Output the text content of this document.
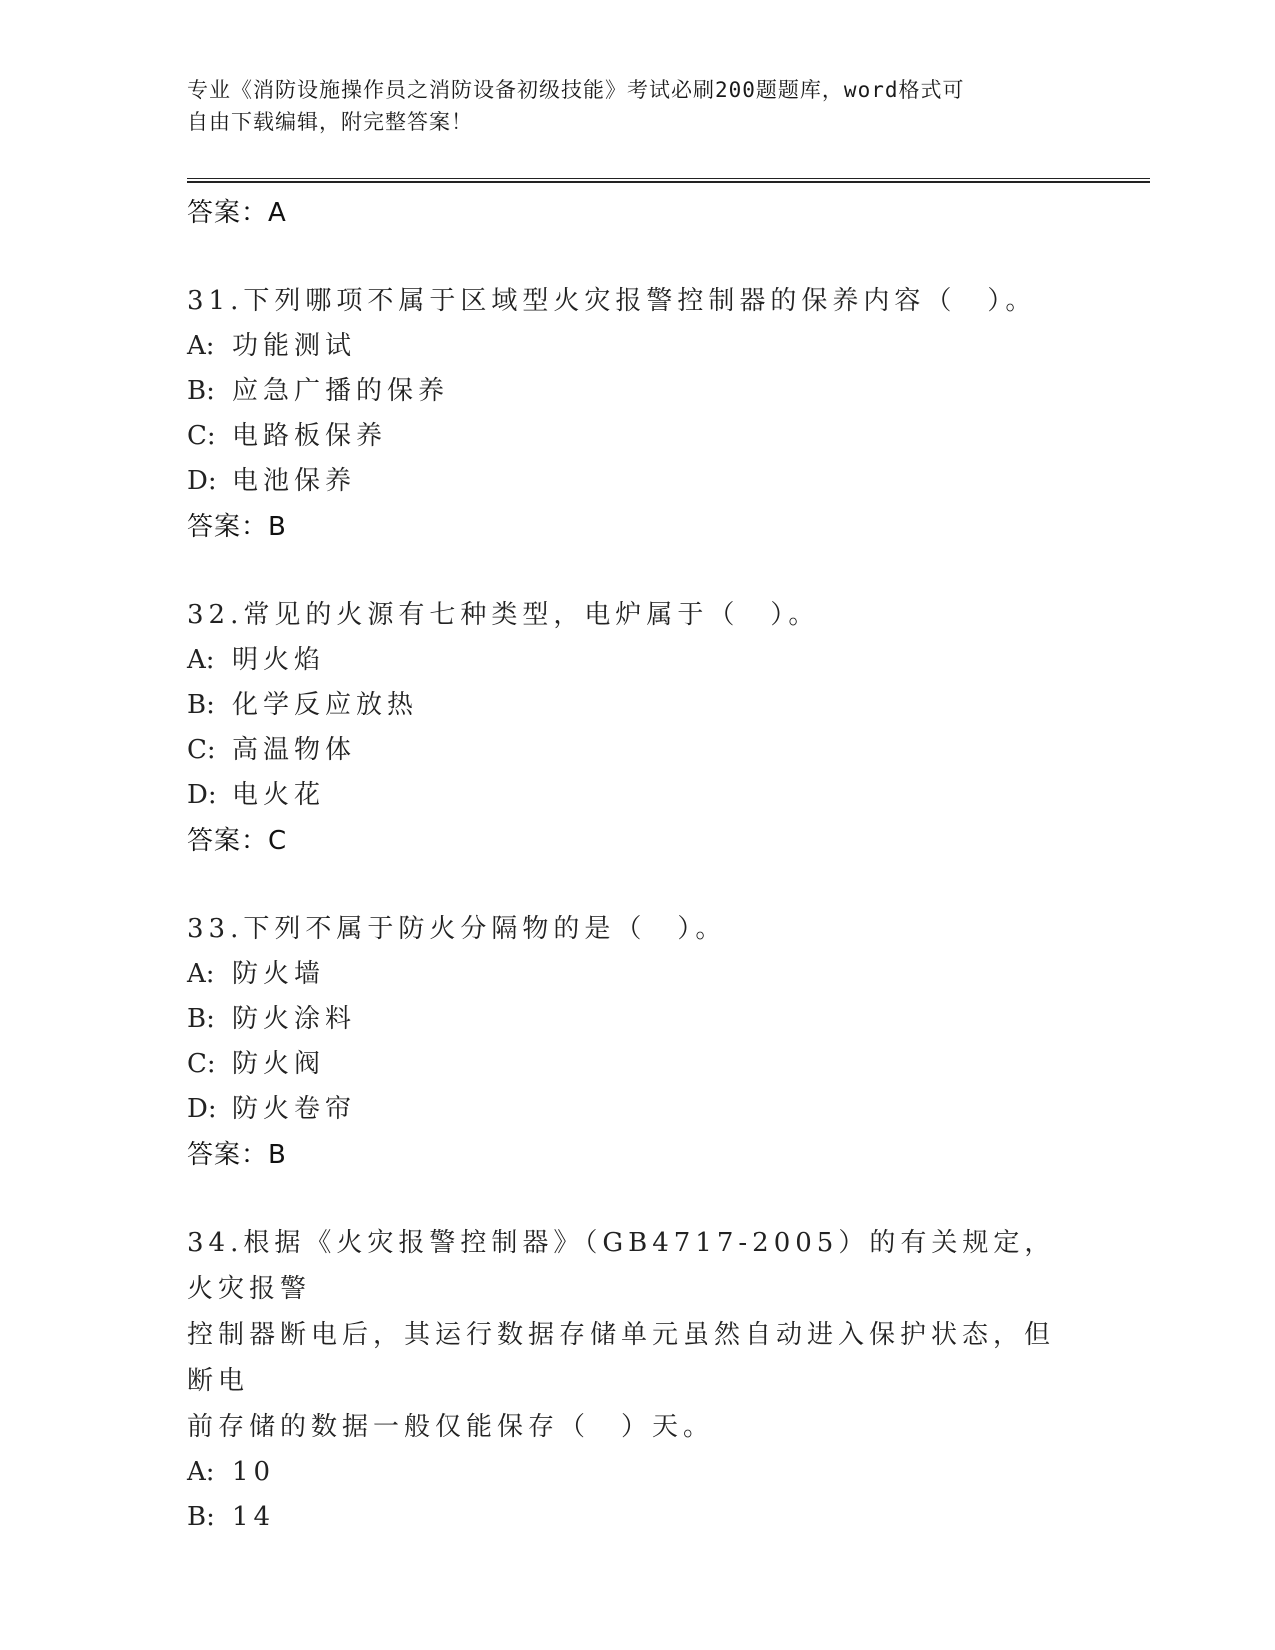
专业《消防设施操作员之消防设备初级技能》考试必刷200题题库，word格式可
自由下载编辑，附完整答案！

答案：A

31.下列哪项不属于区域型火灾报警控制器的保养内容（　）。

A: 功能测试

B: 应急广播的保养

C: 电路板保养

D: 电池保养

答案：B

32.常见的火源有七种类型，电炉属于（　）。

A: 明火焰

B: 化学反应放热

C: 高温物体

D: 电火花

答案：C

33.下列不属于防火分隔物的是（　）。

A: 防火墙

B: 防火涂料

C: 防火阀

D: 防火卷帘

答案：B

34.根据《火灾报警控制器》（GB4717-2005）的有关规定，火灾报警

控制器断电后，其运行数据存储单元虽然自动进入保护状态，但断电

前存储的数据一般仅能保存（　）天。

A: 10

B: 14
